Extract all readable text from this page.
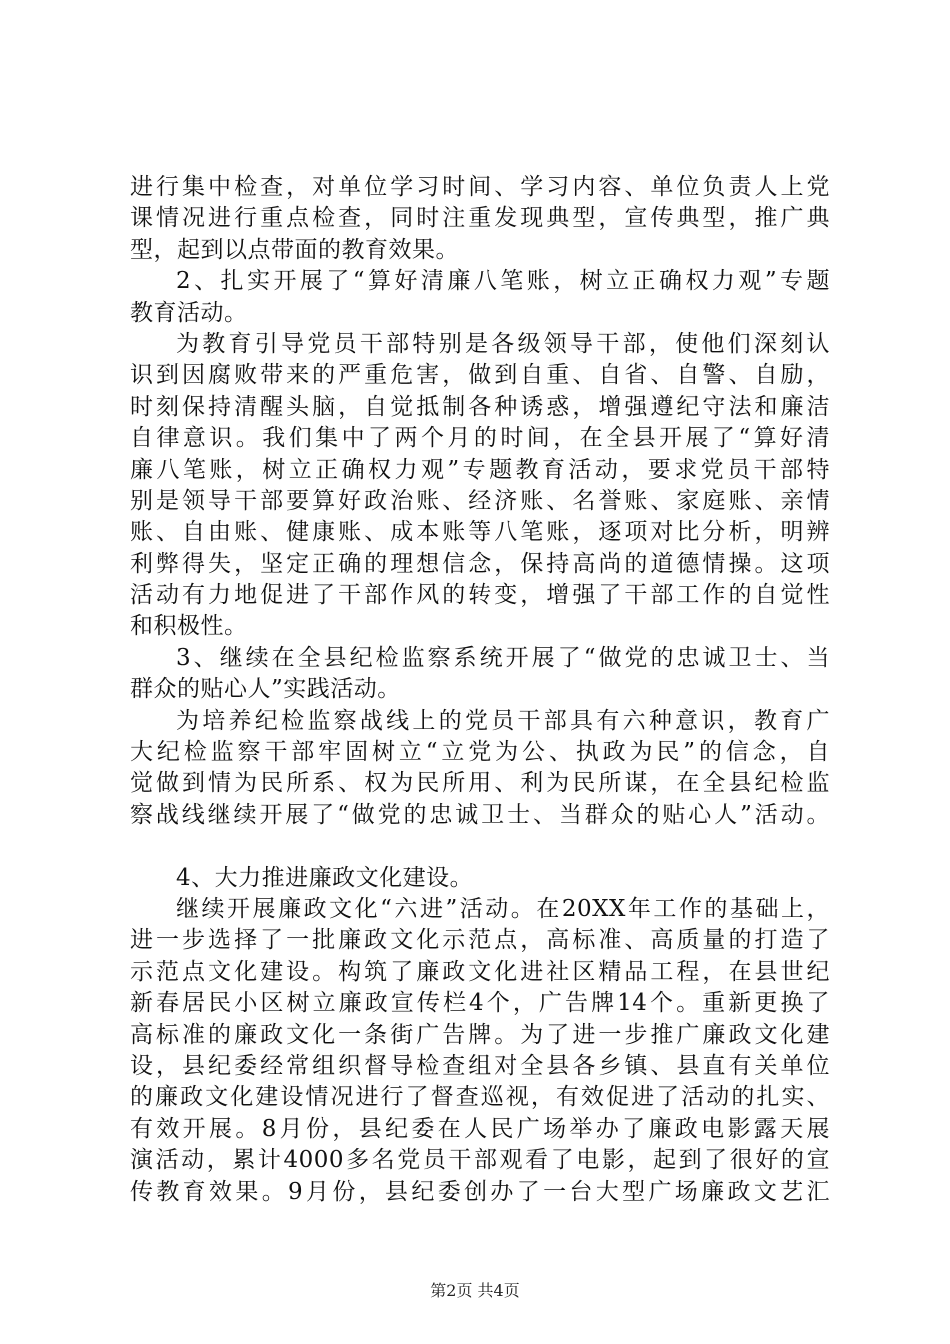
进行集中检查，对单位学习时间、学习内容、单位负责人上党
课情况进行重点检查，同时注重发现典型，宣传典型，推广典
型，起到以点带面的教育效果。
2、扎实开展了“算好清廉八笔账，树立正确权力观”专题
教育活动。
为教育引导党员干部特别是各级领导干部，使他们深刻认
识到因腐败带来的严重危害，做到自重、自省、自警、自励，
时刻保持清醒头脑，自觉抵制各种诱惑，增强遵纪守法和廉洁
自律意识。我们集中了两个月的时间，在全县开展了“算好清
廉八笔账，树立正确权力观”专题教育活动，要求党员干部特
别是领导干部要算好政治账、经济账、名誉账、家庭账、亲情
账、自由账、健康账、成本账等八笔账，逐项对比分析，明辨
利弊得失，坚定正确的理想信念，保持高尚的道德情操。这项
活动有力地促进了干部作风的转变，增强了干部工作的自觉性
和积极性。
3、继续在全县纪检监察系统开展了“做党的忠诚卫士、当
群众的贴心人”实践活动。
为培养纪检监察战线上的党员干部具有六种意识，教育广
大纪检监察干部牢固树立“立党为公、执政为民”的信念，自
觉做到情为民所系、权为民所用、利为民所谋，在全县纪检监
察战线继续开展了“做党的忠诚卫士、当群众的贴心人”活动。
4、大力推进廉政文化建设。
继续开展廉政文化“六进”活动。在20XX年工作的基础上，
进一步选择了一批廉政文化示范点，高标准、高质量的打造了
示范点文化建设。构筑了廉政文化进社区精品工程，在县世纪
新春居民小区树立廉政宣传栏4个，广告牌14个。重新更换了
高标准的廉政文化一条街广告牌。为了进一步推广廉政文化建
设，县纪委经常组织督导检查组对全县各乡镇、县直有关单位
的廉政文化建设情况进行了督查巡视，有效促进了活动的扎实、
有效开展。8月份，县纪委在人民广场举办了廉政电影露天展
演活动，累计4000多名党员干部观看了电影，起到了很好的宣
传教育效果。9月份，县纪委创办了一台大型广场廉政文艺汇
第2页 共4页
